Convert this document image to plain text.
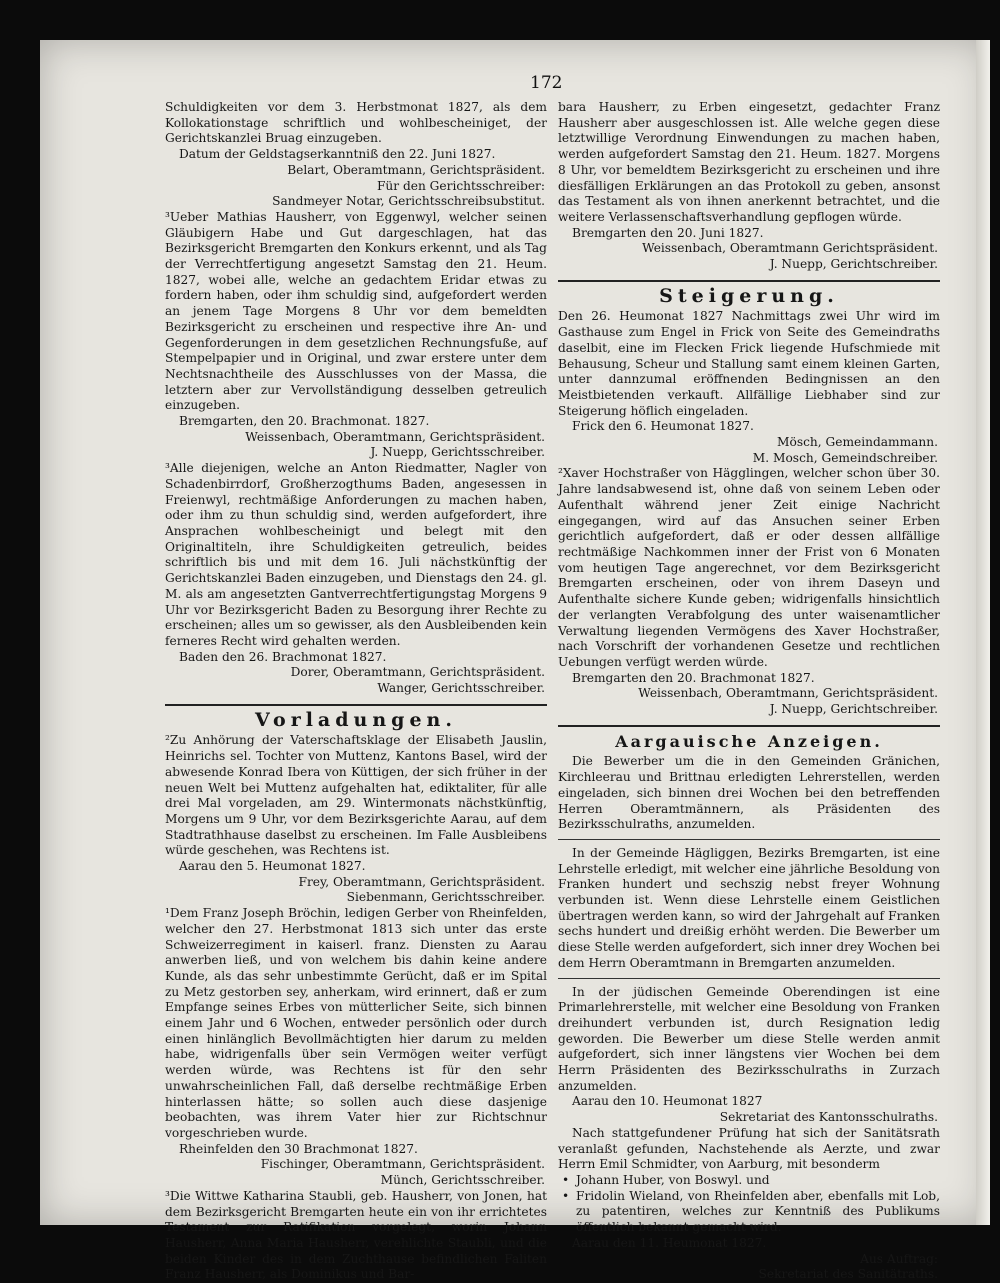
172

Schuldigkeiten vor dem 3. Herbstmonat 1827, als dem Kollokationstage schriftlich und wohlbescheiniget, der Gerichtskanzlei Bruag einzugeben.

Datum der Geldstagserkanntniß den 22. Juni 1827.

Belart, Oberamtmann, Gerichtspräsident.

Für den Gerichtsschreiber:

Sandmeyer Notar, Gerichtsschreibsubstitut.

³Ueber Mathias Hausherr, von Eggenwyl, welcher seinen Gläubigern Habe und Gut dargeschlagen, hat das Bezirksgericht Bremgarten den Konkurs erkennt, und als Tag der Verrechtfertigung angesetzt Samstag den 21. Heum. 1827, wobei alle, welche an gedachtem Eridar etwas zu fordern haben, oder ihm schuldig sind, aufgefordert werden an jenem Tage Morgens 8 Uhr vor dem bemeldten Bezirksgericht zu erscheinen und respective ihre An- und Gegenforderungen in dem gesetzlichen Rechnungsfuße, auf Stempelpapier und in Original, und zwar erstere unter dem Nechtsnachtheile des Ausschlusses von der Massa, die letztern aber zur Vervollständigung desselben getreulich einzugeben.

Bremgarten, den 20. Brachmonat. 1827.

Weissenbach, Oberamtmann, Gerichtspräsident.

J. Nuepp, Gerichtsschreiber.

³Alle diejenigen, welche an Anton Riedmatter, Nagler von Schadenbirrdorf, Großherzogthums Baden, angesessen in Freienwyl, rechtmäßige Anforderungen zu machen haben, oder ihm zu thun schuldig sind, werden aufgefordert, ihre Ansprachen wohlbescheinigt und belegt mit den Originaltiteln, ihre Schuldigkeiten getreulich, beides schriftlich bis und mit dem 16. Juli nächstkünftig der Gerichtskanzlei Baden einzugeben, und Dienstags den 24. gl. M. als am angesetzten Gantverrechtfertigungstag Morgens 9 Uhr vor Bezirksgericht Baden zu Besorgung ihrer Rechte zu erscheinen; alles um so gewisser, als den Ausbleibenden kein ferneres Recht wird gehalten werden.

Baden den 26. Brachmonat 1827.

Dorer, Oberamtmann, Gerichtspräsident.

Wanger, Gerichtsschreiber.

Vorladungen.

²Zu Anhörung der Vaterschaftsklage der Elisabeth Jauslin, Heinrichs sel. Tochter von Muttenz, Kantons Basel, wird der abwesende Konrad Ibera von Küttigen, der sich früher in der neuen Welt bei Muttenz aufgehalten hat, ediktaliter, für alle drei Mal vorgeladen, am 29. Wintermonats nächstkünftig, Morgens um 9 Uhr, vor dem Bezirksgerichte Aarau, auf dem Stadtrathhause daselbst zu erscheinen. Im Falle Ausbleibens würde geschehen, was Rechtens ist.

Aarau den 5. Heumonat 1827.

Frey, Oberamtmann, Gerichtspräsident.

Siebenmann, Gerichtsschreiber.

¹Dem Franz Joseph Bröchin, ledigen Gerber von Rheinfelden, welcher den 27. Herbstmonat 1813 sich unter das erste Schweizerregiment in kaiserl. franz. Diensten zu Aarau anwerben ließ, und von welchem bis dahin keine andere Kunde, als das sehr unbestimmte Gerücht, daß er im Spital zu Metz gestorben sey, anherkam, wird erinnert, daß er zum Empfange seines Erbes von mütterlicher Seite, sich binnen einem Jahr und 6 Wochen, entweder persönlich oder durch einen hinlänglich Bevollmächtigten hier darum zu melden habe, widrigenfalls über sein Vermögen weiter verfügt werden würde, was Rechtens ist für den sehr unwahrscheinlichen Fall, daß derselbe rechtmäßige Erben hinterlassen hätte; so sollen auch diese dasjenige beobachten, was ihrem Vater hier zur Richtschnur vorgeschrieben wurde.

Rheinfelden den 30 Brachmonat 1827.

Fischinger, Oberamtmann, Gerichtspräsident.

Münch, Gerichtsschreiber.

³Die Wittwe Katharina Staubli, geb. Hausherr, von Jonen, hat dem Bezirksgericht Bremgarten heute ein von ihr errichtetes Testament zur Ratifikation vorgelegt, worin Johann Hausherr, Anna Maria Hausherr, verehlichte Staubli, und die beiden Kinder des in dem Zuchthause befindlichen Faliten Franz Hausherr, als Dominikus und Bar-

bara Hausherr, zu Erben eingesetzt, gedachter Franz Hausherr aber ausgeschlossen ist. Alle welche gegen diese letztwillige Verordnung Einwendungen zu machen haben, werden aufgefordert Samstag den 21. Heum. 1827. Morgens 8 Uhr, vor bemeldtem Bezirksgericht zu erscheinen und ihre diesfälligen Erklärungen an das Protokoll zu geben, ansonst das Testament als von ihnen anerkennt betrachtet, und die weitere Verlassenschaftsverhandlung gepflogen würde.

Bremgarten den 20. Juni 1827.

Weissenbach, Oberamtmann Gerichtspräsident.

J. Nuepp, Gerichtschreiber.

Steigerung.

Den 26. Heumonat 1827 Nachmittags zwei Uhr wird im Gasthause zum Engel in Frick von Seite des Gemeindraths daselbit, eine im Flecken Frick liegende Hufschmiede mit Behausung, Scheur und Stallung samt einem kleinen Garten, unter dannzumal eröffnenden Bedingnissen an den Meistbietenden verkauft. Allfällige Liebhaber sind zur Steigerung höflich eingeladen.

Frick den 6. Heumonat 1827.

Mösch, Gemeindammann.

M. Mosch, Gemeindschreiber.

²Xaver Hochstraßer von Hägglingen, welcher schon über 30. Jahre landsabwesend ist, ohne daß von seinem Leben oder Aufenthalt während jener Zeit einige Nachricht eingegangen, wird auf das Ansuchen seiner Erben gerichtlich aufgefordert, daß er oder dessen allfällige rechtmäßige Nachkommen inner der Frist von 6 Monaten vom heutigen Tage angerechnet, vor dem Bezirksgericht Bremgarten erscheinen, oder von ihrem Daseyn und Aufenthalte sichere Kunde geben; widrigenfalls hinsichtlich der verlangten Verabfolgung des unter waisenamtlicher Verwaltung liegenden Vermögens des Xaver Hochstraßer, nach Vorschrift der vorhandenen Gesetze und rechtlichen Uebungen verfügt werden würde.

Bremgarten den 20. Brachmonat 1827.

Weissenbach, Oberamtmann, Gerichtspräsident.

J. Nuepp, Gerichtschreiber.

Aargauische Anzeigen.

Die Bewerber um die in den Gemeinden Gränichen, Kirchleerau und Brittnau erledigten Lehrerstellen, werden eingeladen, sich binnen drei Wochen bei den betreffenden Herren Oberamtmännern, als Präsidenten des Bezirksschulraths, anzumelden.

In der Gemeinde Hägliggen, Bezirks Bremgarten, ist eine Lehrstelle erledigt, mit welcher eine jährliche Besoldung von Franken hundert und sechszig nebst freyer Wohnung verbunden ist. Wenn diese Lehrstelle einem Geistlichen übertragen werden kann, so wird der Jahrgehalt auf Franken sechs hundert und dreißig erhöht werden. Die Bewerber um diese Stelle werden aufgefordert, sich inner drey Wochen bei dem Herrn Oberamtmann in Bremgarten anzumelden.

In der jüdischen Gemeinde Oberendingen ist eine Primarlehrerstelle, mit welcher eine Besoldung von Franken dreihundert verbunden ist, durch Resignation ledig geworden. Die Bewerber um diese Stelle werden anmit aufgefordert, sich inner längstens vier Wochen bei dem Herrn Präsidenten des Bezirksschulraths in Zurzach anzumelden.

Aarau den 10. Heumonat 1827

Sekretariat des Kantonsschulraths.

Nach stattgefundener Prüfung hat sich der Sanitätsrath veranlaßt gefunden, Nachstehende als Aerzte, und zwar Herrn Emil Schmidter, von Aarburg, mit besonderm

• Johann Huber, von Boswyl. und

• Fridolin Wieland, von Rheinfelden aber, ebenfalls mit Lob, zu patentiren, welches zur Kenntniß des Publikums öffentlich bekannt gemacht wird.

Aarau den 11. Heumonat 1827.

Aus Auftrag:

Sekretariat des Sanitätraths.
